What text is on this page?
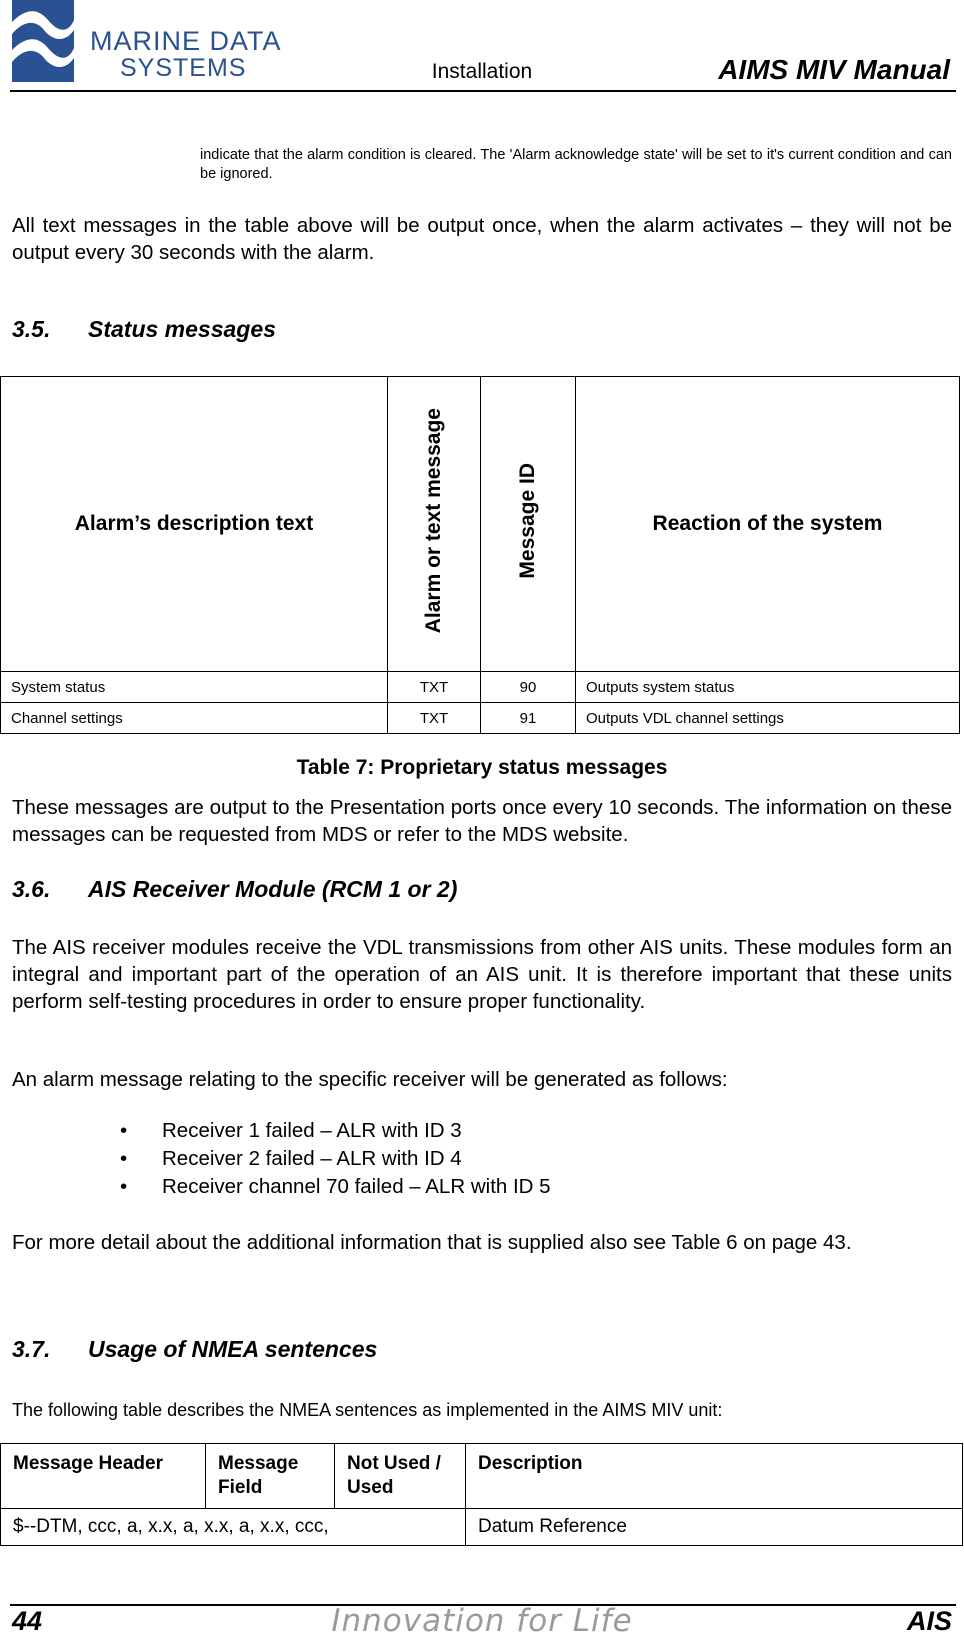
MARINE DATA
SYSTEMS	Installation	AIMS MIV Manual
indicate that the alarm condition is cleared. The 'Alarm acknowledge state' will be set to it's current condition and can be ignored.
All text messages in the table above will be output once, when the alarm activates – they will not be output every 30 seconds with the alarm.
3.5. Status messages
Alarm’s description text	Alarm or text message	Message ID	Reaction of the system
System status	TXT	90	Outputs system status
Channel settings	TXT	91	Outputs VDL channel settings
Table 7: Proprietary status messages
These messages are output to the Presentation ports once every 10 seconds. The information on these messages can be requested from MDS or refer to the MDS website.
3.6. AIS Receiver Module (RCM 1 or 2)
The AIS receiver modules receive the VDL transmissions from other AIS units. These modules form an integral and important part of the operation of an AIS unit. It is therefore important that these units perform self-testing procedures in order to ensure proper functionality.
An alarm message relating to the specific receiver will be generated as follows:
• Receiver 1 failed – ALR with ID 3
• Receiver 2 failed – ALR with ID 4
• Receiver channel 70 failed – ALR with ID 5
For more detail about the additional information that is supplied also see Table 6 on page 43.
3.7. Usage of NMEA sentences
The following table describes the NMEA sentences as implemented in the AIMS MIV unit:
Message Header	Message Field	Not Used / Used	Description
$--DTM, ccc, a, x.x, a, x.x, a, x.x, ccc,			Datum Reference
44	Innovation for Life	AIS
